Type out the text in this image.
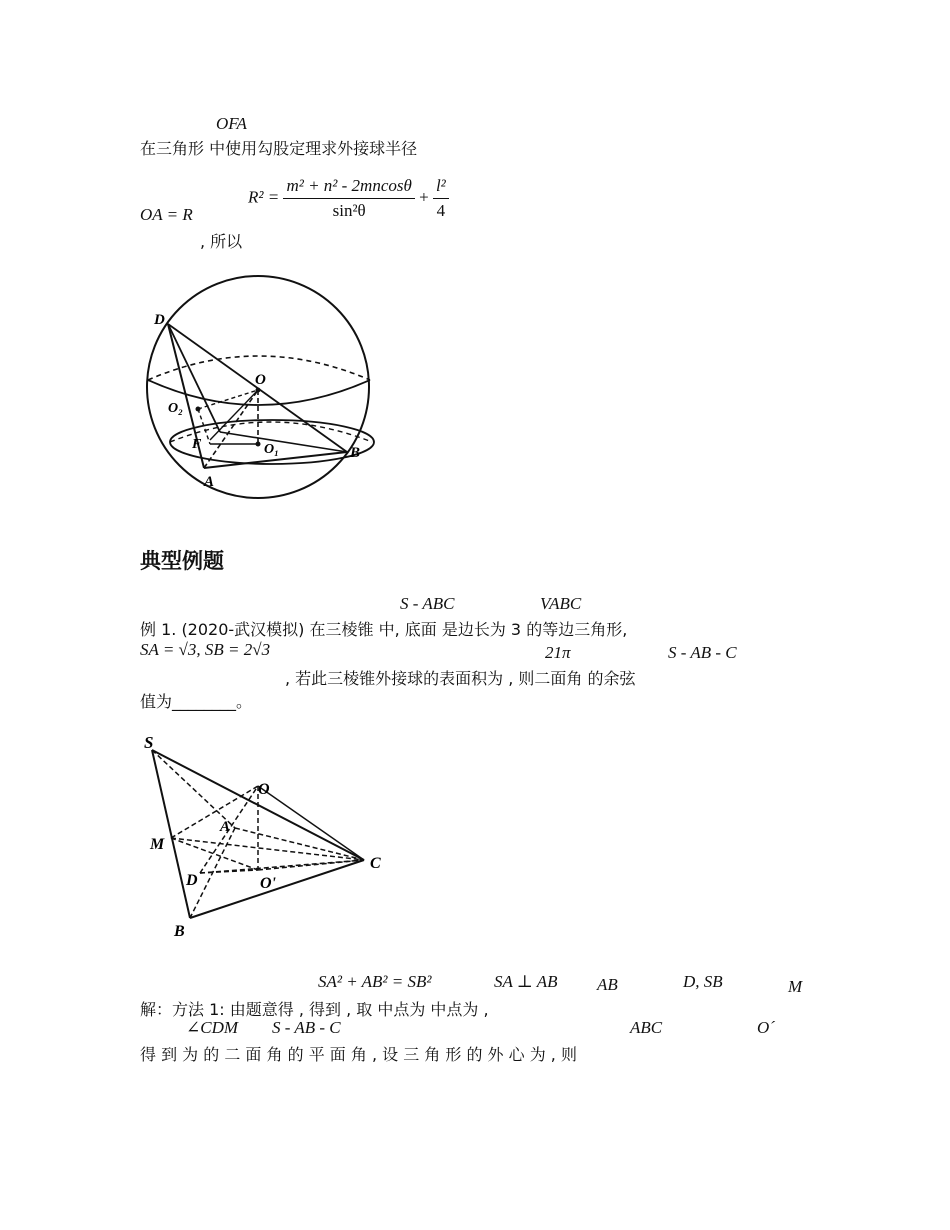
OFA
在三角形 中使用勾股定理求外接球半径
OA = R
$R^2 = \frac{\text{m² + n² - 2mncosθ}}{\text{sin²θ}} + \frac{\text{l²}}{4}$
, 所以
D
O
O₂
F	O₁	B
A
典型例题
S - ABC	VABC
例 1. (2020-武汉模拟) 在三棱锥 中, 底面 是边长为 3 的等边三角形,
SA = √3, SB = 2√3	21π	S - AB - C
, 若此三棱锥外接球的表面积为 , 则二面角 的余弦
值为________。
S
O
A
M
C
D	O'
B
SA² + AB² = SB²	SA ⊥ AB AB	D, SB	M
解：方法 1: 由题意得 , 得到 , 取 中点为 中点为 ,
∠CDM S - AB - C	ABC	O´
得 到 为 的 二 面 角 的 平 面 角 , 设 三 角 形 的 外 心 为 , 则
